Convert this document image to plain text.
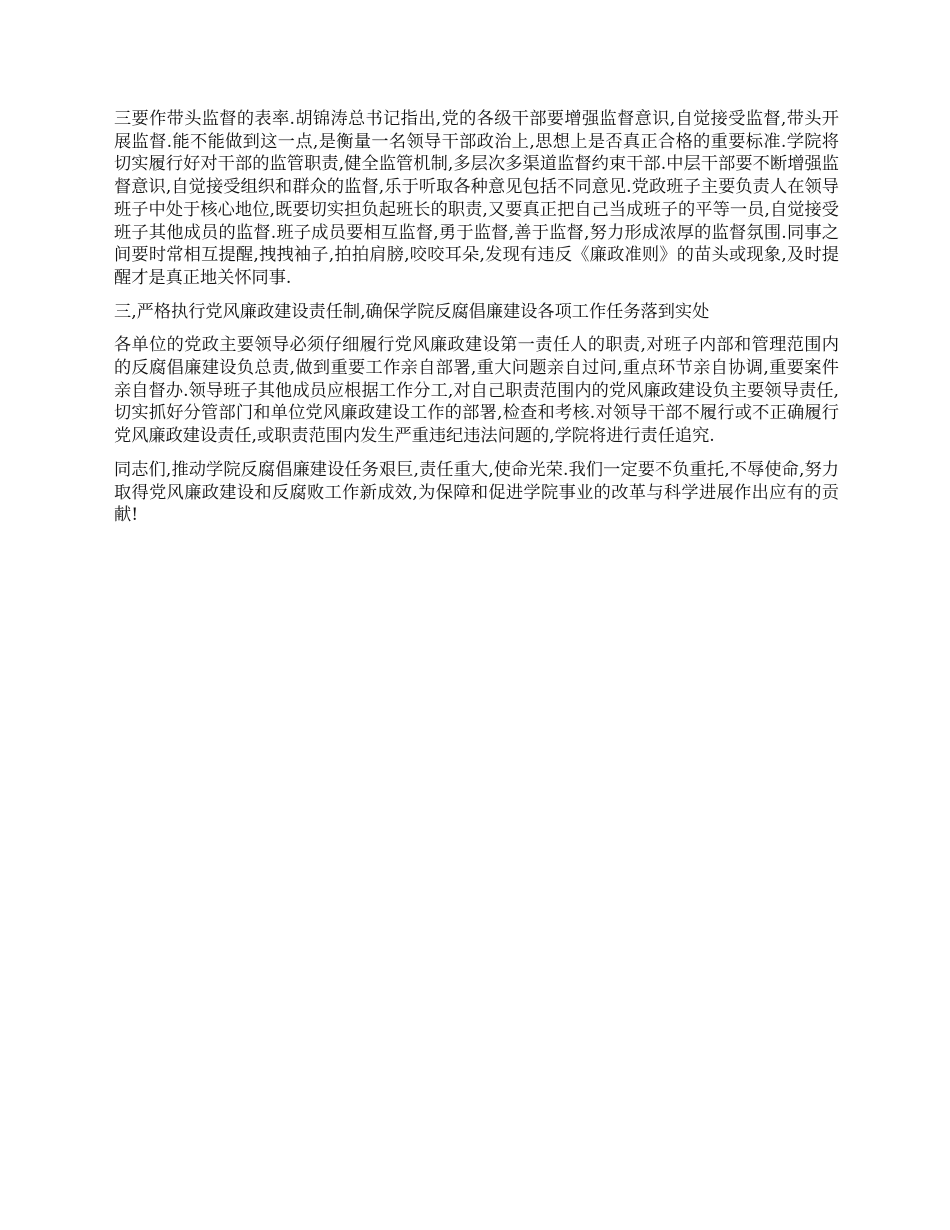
三要作带头监督的表率.胡锦涛总书记指出,党的各级干部要增强监督意识,自觉接受监督,带头开展监督.能不能做到这一点,是衡量一名领导干部政治上,思想上是否真正合格的重要标准.学院将切实履行好对干部的监管职责,健全监管机制,多层次多渠道监督约束干部.中层干部要不断增强监督意识,自觉接受组织和群众的监督,乐于听取各种意见包括不同意见.党政班子主要负责人在领导班子中处于核心地位,既要切实担负起班长的职责,又要真正把自己当成班子的平等一员,自觉接受班子其他成员的监督.班子成员要相互监督,勇于监督,善于监督,努力形成浓厚的监督氛围.同事之间要时常相互提醒,拽拽袖子,拍拍肩膀,咬咬耳朵,发现有违反《廉政准则》的苗头或现象,及时提醒才是真正地关怀同事.

三,严格执行党风廉政建设责任制,确保学院反腐倡廉建设各项工作任务落到实处

各单位的党政主要领导必须仔细履行党风廉政建设第一责任人的职责,对班子内部和管理范围内的反腐倡廉建设负总责,做到重要工作亲自部署,重大问题亲自过问,重点环节亲自协调,重要案件亲自督办.领导班子其他成员应根据工作分工,对自己职责范围内的党风廉政建设负主要领导责任,切实抓好分管部门和单位党风廉政建设工作的部署,检查和考核.对领导干部不履行或不正确履行党风廉政建设责任,或职责范围内发生严重违纪违法问题的,学院将进行责任追究.

同志们,推动学院反腐倡廉建设任务艰巨,责任重大,使命光荣.我们一定要不负重托,不辱使命,努力取得党风廉政建设和反腐败工作新成效,为保障和促进学院事业的改革与科学进展作出应有的贡献!
